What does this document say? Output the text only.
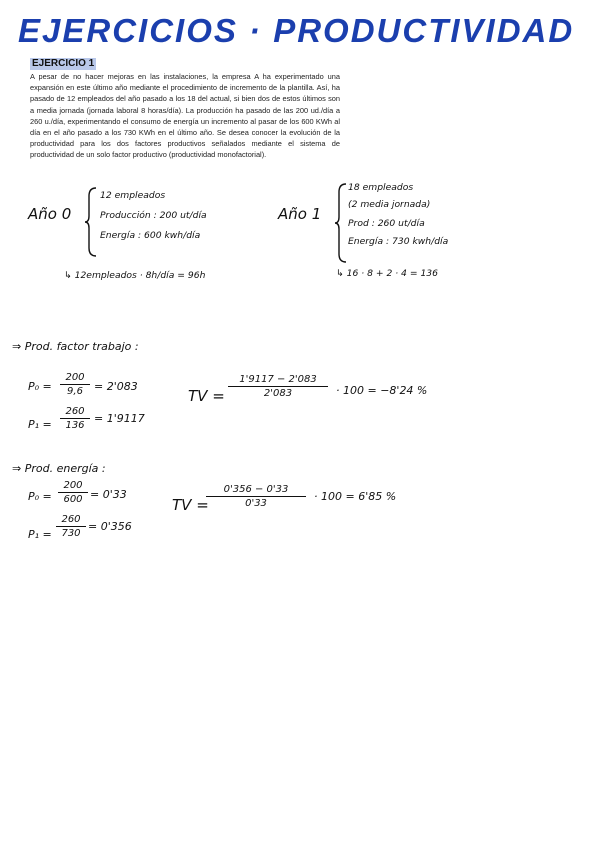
EJERCICIOS · PRODUCTIVIDAD
EJERCICIO 1
A pesar de no hacer mejoras en las instalaciones, la empresa A ha experimentado una expansión en este último año mediante el procedimiento de incremento de la plantilla. Así, ha pasado de 12 empleados del año pasado a los 18 del actual, si bien dos de estos últimos son a media jornada (jornada laboral 8 horas/día). La producción ha pasado de las 200 ud./día a 260 u./día, experimentando el consumo de energía un incremento al pasar de los 600 KWh al día en el año pasado a los 730 KWh en el último año. Se desea conocer la evolución de la productividad para los dos factores productivos señalados mediante el sistema de productividad de un solo factor productivo (productividad monofactorial).
Año 0
12 empleados
Producción : 200 ut/día
Energía : 600 kwh/día
↳ 12empleados · 8h/día = 96h
Año 1
18 empleados
(2 media jornada)
Prod : 260 ut/día
Energía : 730 kwh/día
↳ 16 · 8 + 2 · 4 = 136
⇒ Prod. factor trabajo :
P₀ =
200
9,6 = 2'083
P₁ =
260
136
= 1'9117
TV =
1'9117 − 2'083
2'083	· 100 = −8'24 %
⇒ Prod. energía :
P₀ =
200
600 = 0'33
P₁ =
260
730
= 0'356
TV =
0'356 − 0'33
0'33
· 100 = 6'85 %
